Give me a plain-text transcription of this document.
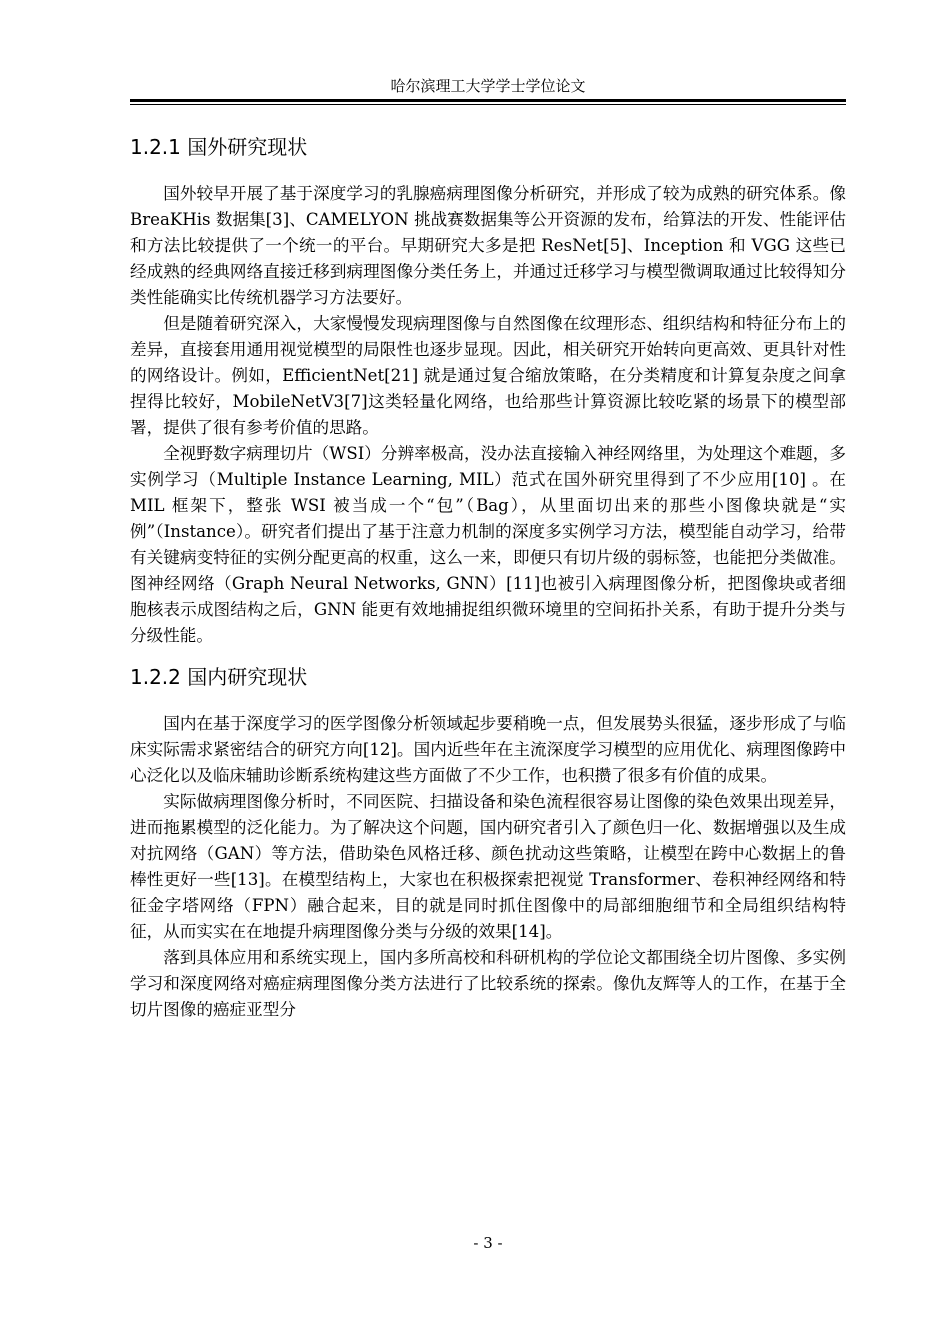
哈尔滨理工大学学士学位论文
1.2.1 国外研究现状

国外较早开展了基于深度学习的乳腺癌病理图像分析研究，并形成了较为成熟的研究体系。像 BreaKHis 数据集[3]、CAMELYON 挑战赛数据集等公开资源的发布，给算法的开发、性能评估和方法比较提供了一个统一的平台。早期研究大多是把 ResNet[5]、Inception 和 VGG 这些已经成熟的经典网络直接迁移到病理图像分类任务上，并通过迁移学习与模型微调取通过比较得知分类性能确实比传统机器学习方法要好。

但是随着研究深入，大家慢慢发现病理图像与自然图像在纹理形态、组织结构和特征分布上的差异，直接套用通用视觉模型的局限性也逐步显现。因此，相关研究开始转向更高效、更具针对性的网络设计。例如，EfficientNet[21] 就是通过复合缩放策略，在分类精度和计算复杂度之间拿捏得比较好，MobileNetV3[7]这类轻量化网络，也给那些计算资源比较吃紧的场景下的模型部署，提供了很有参考价值的思路。

全视野数字病理切片（WSI）分辨率极高，没办法直接输入神经网络里，为处理这个难题，多实例学习（Multiple Instance Learning, MIL）范式在国外研究里得到了不少应用[10] 。在 MIL 框架下，整张 WSI 被当成一个“包”（Bag），从里面切出来的那些小图像块就是“实例”（Instance）。研究者们提出了基于注意力机制的深度多实例学习方法，模型能自动学习，给带有关键病变特征的实例分配更高的权重，这么一来，即便只有切片级的弱标签，也能把分类做准。图神经网络（Graph Neural Networks, GNN）[11]也被引入病理图像分析，把图像块或者细胞核表示成图结构之后，GNN 能更有效地捕捉组织微环境里的空间拓扑关系，有助于提升分类与分级性能。

1.2.2 国内研究现状

国内在基于深度学习的医学图像分析领域起步要稍晚一点，但发展势头很猛，逐步形成了与临床实际需求紧密结合的研究方向[12]。国内近些年在主流深度学习模型的应用优化、病理图像跨中心泛化以及临床辅助诊断系统构建这些方面做了不少工作，也积攒了很多有价值的成果。

实际做病理图像分析时，不同医院、扫描设备和染色流程很容易让图像的染色效果出现差异，进而拖累模型的泛化能力。为了解决这个问题，国内研究者引入了颜色归一化、数据增强以及生成对抗网络（GAN）等方法，借助染色风格迁移、颜色扰动这些策略，让模型在跨中心数据上的鲁棒性更好一些[13]。在模型结构上，大家也在积极探索把视觉 Transformer、卷积神经网络和特征金字塔网络（FPN）融合起来，目的就是同时抓住图像中的局部细胞细节和全局组织结构特征，从而实实在在地提升病理图像分类与分级的效果[14]。

落到具体应用和系统实现上，国内多所高校和科研机构的学位论文都围绕全切片图像、多实例学习和深度网络对癌症病理图像分类方法进行了比较系统的探索。像仇友辉等人的工作，在基于全切片图像的癌症亚型分

- 3 -
